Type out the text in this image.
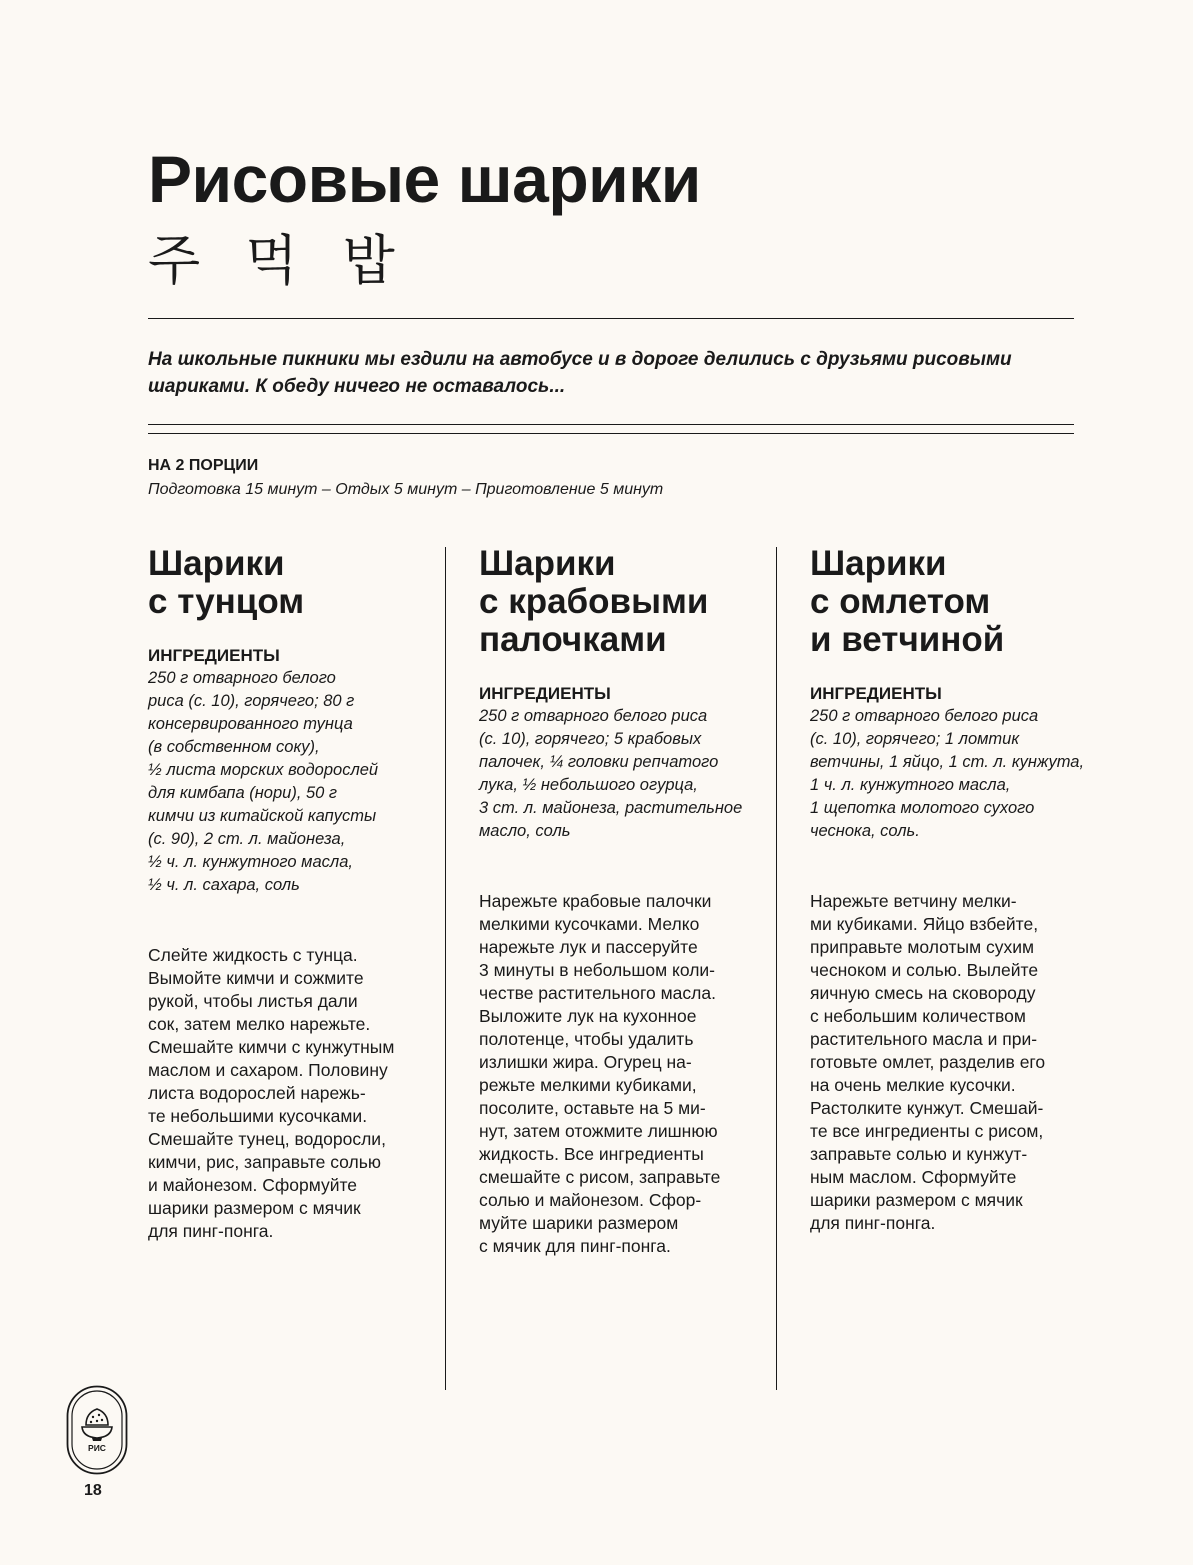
Рисовые шарики
주 먹 밥

На школьные пикники мы ездили на автобусе и в дороге делились с друзьями рисовыми шариками. К обеду ничего не оставалось...

НА 2 ПОРЦИИ

Подготовка 15 минут – Отдых 5 минут – Приготовление 5 минут

Шарики
с тунцом
ИНГРЕДИЕНТЫ

250 г отварного белого
риса (с. 10), горячего; 80 г
консервированного тунца
(в собственном соку),
½ листа морских водорослей
для кимбапа (нори), 50 г
кимчи из китайской капусты
(с. 90), 2 ст. л. майонеза,
½ ч. л. кунжутного масла,
½ ч. л. сахара, соль

Слейте жидкость с тунца.
Вымойте кимчи и сожмите
рукой, чтобы листья дали
сок, затем мелко нарежьте.
Смешайте кимчи с кунжутным
маслом и сахаром. Половину
листа водорослей нарежь-
те небольшими кусочками.
Смешайте тунец, водоросли,
кимчи, рис, заправьте солью
и майонезом. Сформуйте
шарики размером с мячик
для пинг-понга.

Шарики
с крабовыми
палочками
ИНГРЕДИЕНТЫ

250 г отварного белого риса
(с. 10), горячего; 5 крабовых
палочек, ¼ головки репчатого
лука, ½ небольшого огурца,
3 ст. л. майонеза, растительное
масло, соль

Нарежьте крабовые палочки
мелкими кусочками. Мелко
нарежьте лук и пассеруйте
3 минуты в небольшом коли-
честве растительного масла.
Выложите лук на кухонное
полотенце, чтобы удалить
излишки жира. Огурец на-
режьте мелкими кубиками,
посолите, оставьте на 5 ми-
нут, затем отожмите лишнюю
жидкость. Все ингредиенты
смешайте с рисом, заправьте
солью и майонезом. Сфор-
муйте шарики размером
с мячик для пинг-понга.

Шарики
с омлетом
и ветчиной
ИНГРЕДИЕНТЫ

250 г отварного белого риса
(с. 10), горячего; 1 ломтик
ветчины, 1 яйцо, 1 ст. л. кунжута,
1 ч. л. кунжутного масла,
1 щепотка молотого сухого
чеснока, соль.

Нарежьте ветчину мелки-
ми кубиками. Яйцо взбейте,
приправьте молотым сухим
чесноком и солью. Вылейте
яичную смесь на сковороду
с небольшим количеством
растительного масла и при-
готовьте омлет, разделив его
на очень мелкие кусочки.
Растолките кунжут. Смешай-
те все ингредиенты с рисом,
заправьте солью и кунжут-
ным маслом. Сформуйте
шарики размером с мячик
для пинг-понга.

РИС

18
